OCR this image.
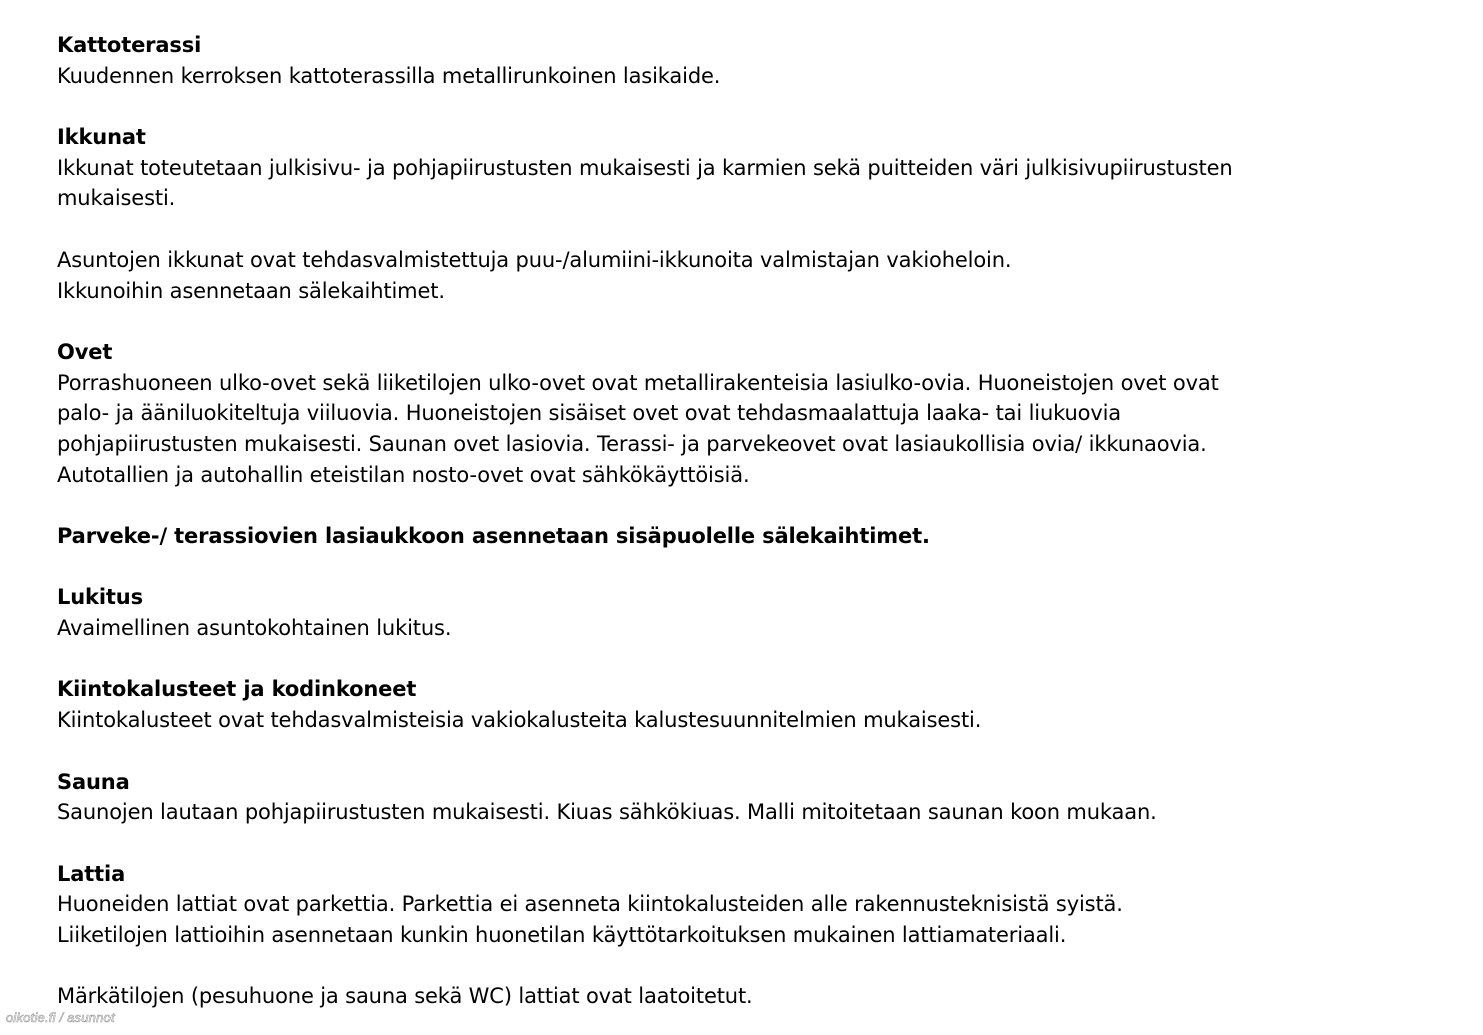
Kattoterassi
Kuudennen kerroksen kattoterassilla metallirunkoinen lasikaide.
Ikkunat
Ikkunat toteutetaan julkisivu- ja pohjapiirustusten mukaisesti ja karmien sekä puitteiden väri julkisivupiirustusten
mukaisesti.
Asuntojen ikkunat ovat tehdasvalmistettuja puu-/alumiini-ikkunoita valmistajan vakioheloin.
Ikkunoihin asennetaan sälekaihtimet.
Ovet
Porrashuoneen ulko-ovet sekä liiketilojen ulko-ovet ovat metallirakenteisia lasiulko-ovia. Huoneistojen ovet ovat
palo- ja ääniluokiteltuja viiluovia. Huoneistojen sisäiset ovet ovat tehdasmaalattuja laaka- tai liukuovia
pohjapiirustusten mukaisesti. Saunan ovet lasiovia. Terassi- ja parvekeovet ovat lasiaukollisia ovia/ ikkunaovia.
Autotallien ja autohallin eteistilan nosto-ovet ovat sähkökäyttöisiä.
Parveke-/ terassiovien lasiaukkoon asennetaan sisäpuolelle sälekaihtimet.
Lukitus
Avaimellinen asuntokohtainen lukitus.
Kiintokalusteet ja kodinkoneet
Kiintokalusteet ovat tehdasvalmisteisia vakiokalusteita kalustesuunnitelmien mukaisesti.
Sauna
Saunojen lautaan pohjapiirustusten mukaisesti. Kiuas sähkökiuas. Malli mitoitetaan saunan koon mukaan.
Lattia
Huoneiden lattiat ovat parkettia. Parkettia ei asenneta kiintokalusteiden alle rakennusteknisistä syistä.
Liiketilojen lattioihin asennetaan kunkin huonetilan käyttötarkoituksen mukainen lattiamateriaali.
Märkätilojen (pesuhuone ja sauna sekä WC) lattiat ovat laatoitetut.
oikotie.fi / asunnot
